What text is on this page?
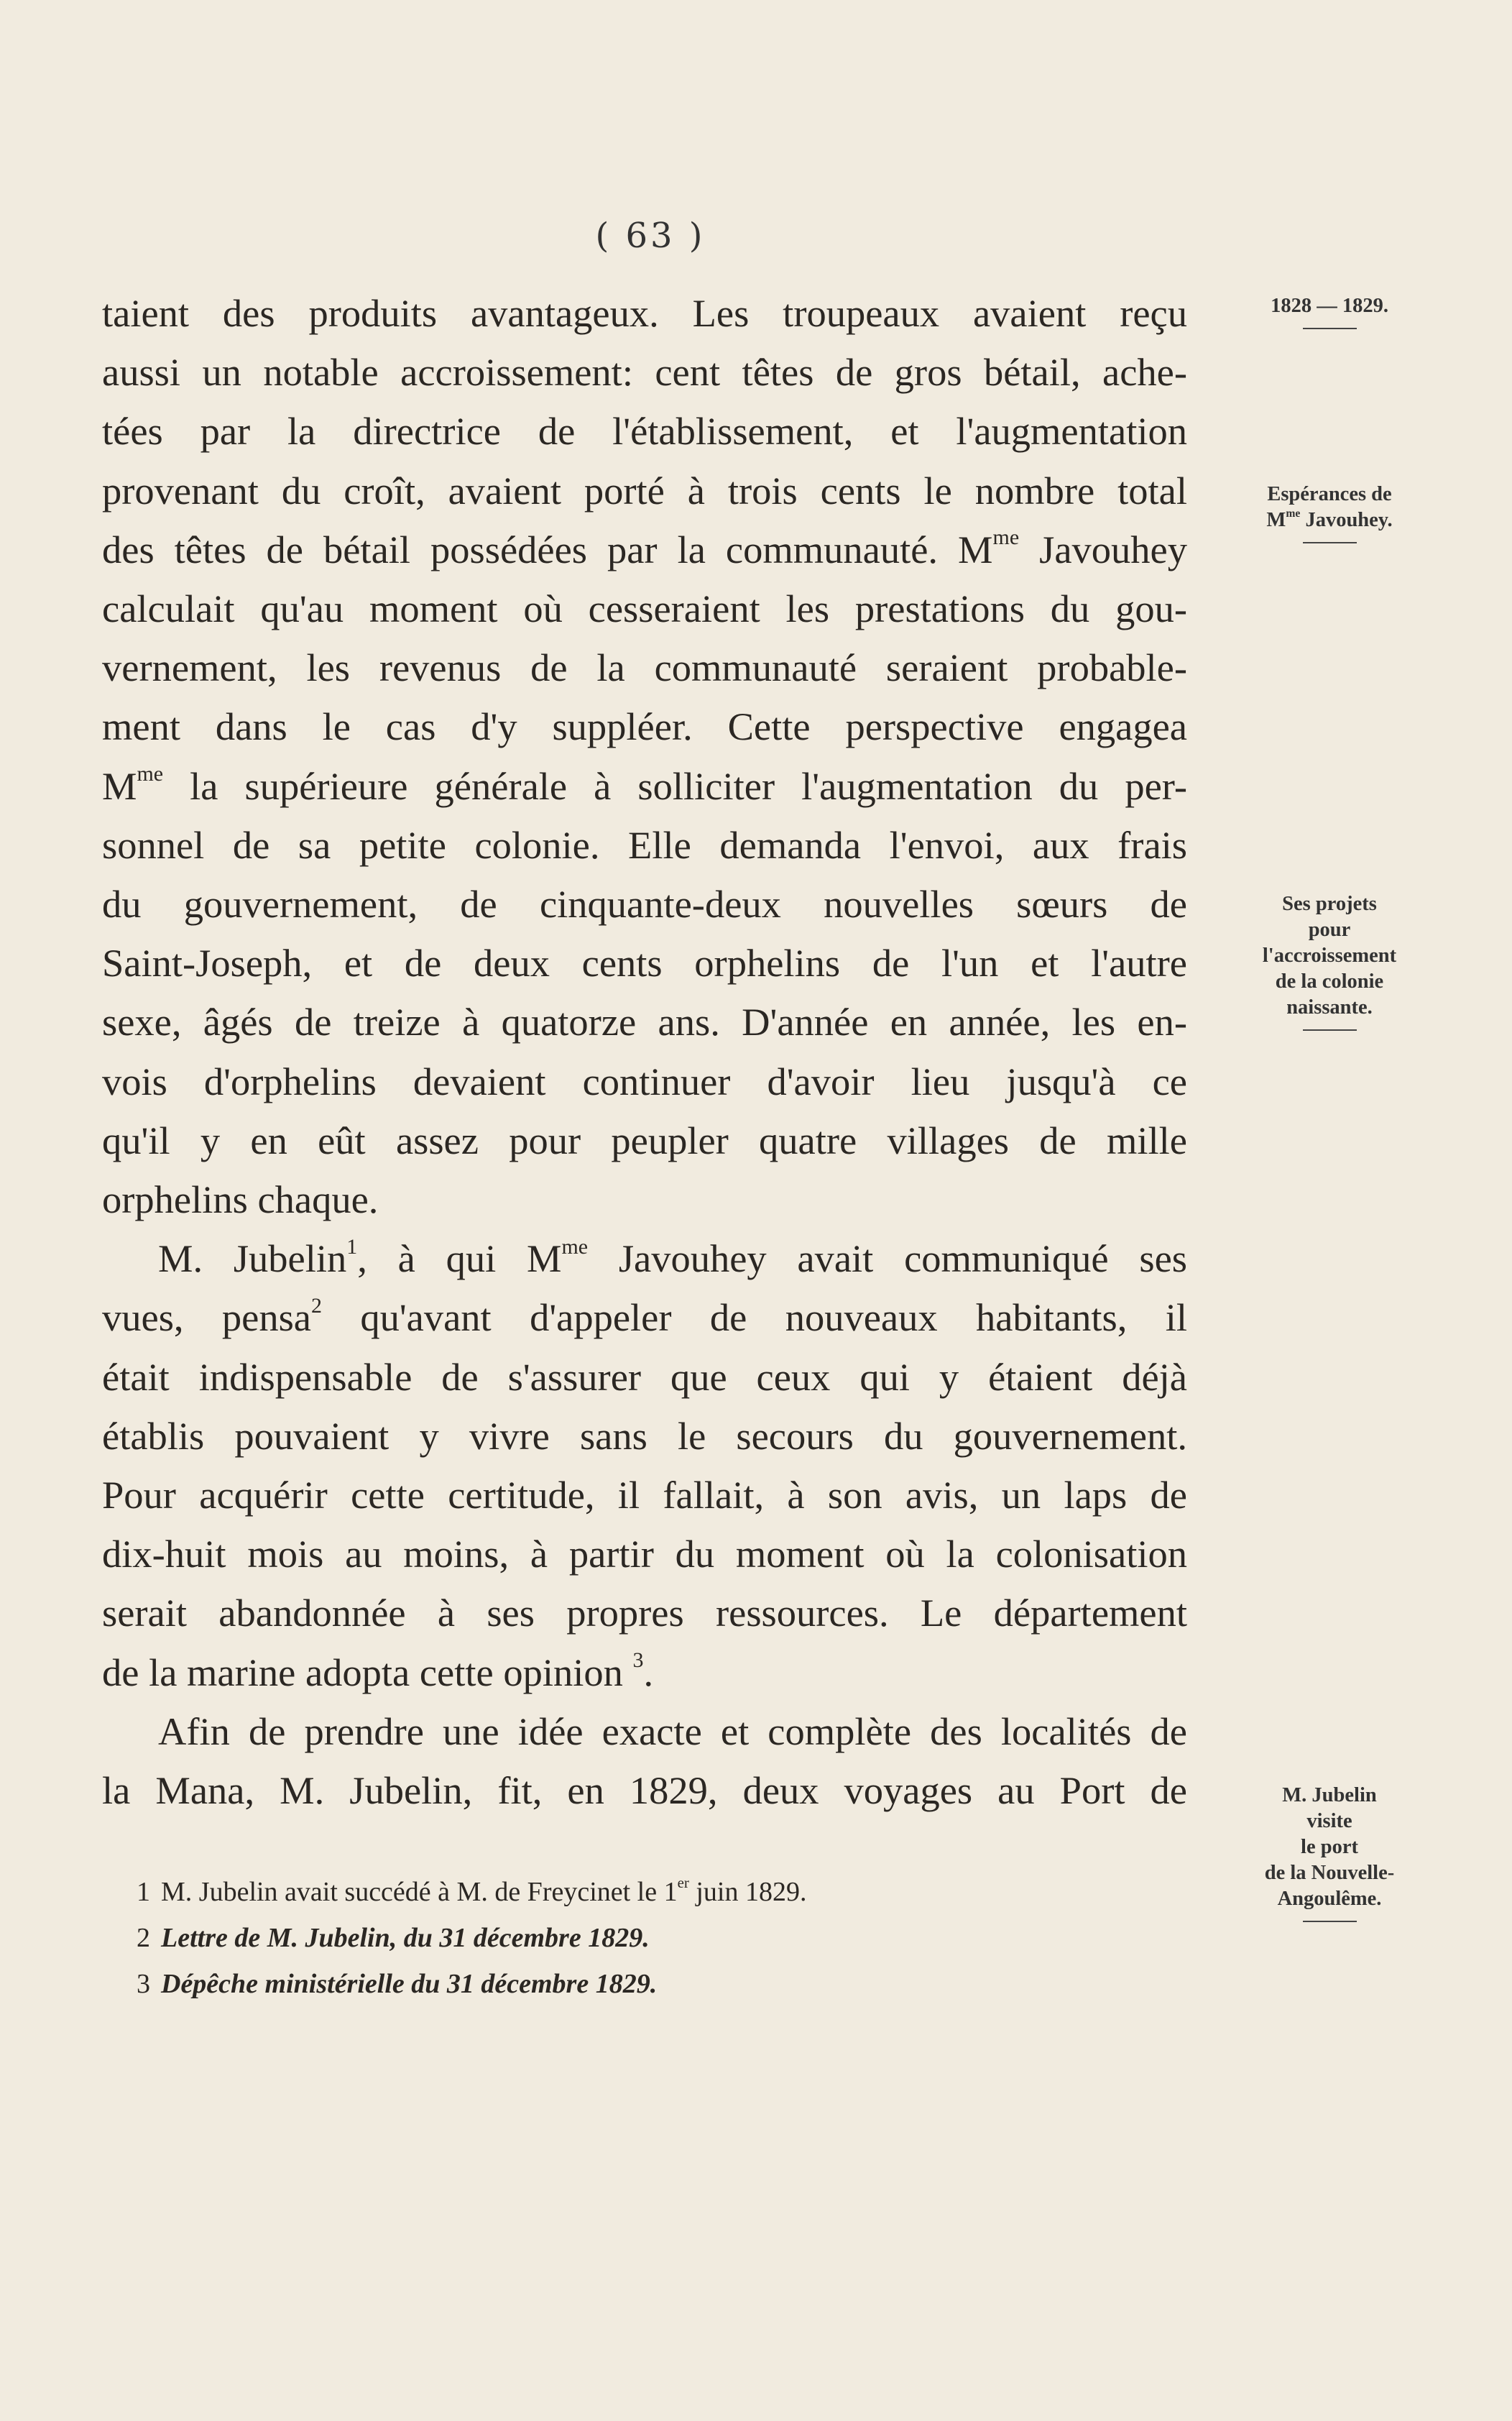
( 63 )
taient des produits avantageux. Les troupeaux avaient reçu
aussi un notable accroissement: cent têtes de gros bétail, ache-
tées par la directrice de l'établissement, et l'augmentation
provenant du croît, avaient porté à trois cents le nombre total
des têtes de bétail possédées par la communauté. $M^{me}$ Javouhey
calculait qu'au moment où cesseraient les prestations du gou-
vernement, les revenus de la communauté seraient probable-
ment dans le cas d'y suppléer. Cette perspective engagea
$M^{me}$ la supérieure générale à solliciter l'augmentation du per-
sonnel de sa petite colonie. Elle demanda l'envoi, aux frais
du gouvernement, de cinquante-deux nouvelles sœurs de
Saint-Joseph, et de deux cents orphelins de l'un et l'autre
sexe, âgés de treize à quatorze ans. D'année en année, les en-
vois d'orphelins devaient continuer d'avoir lieu jusqu'à ce
qu'il y en eût assez pour peupler quatre villages de mille
orphelins chaque.
M. Jubelin$^1$, à qui $M^{me}$ Javouhey avait communiqué ses
vues, pensa$^2$ qu'avant d'appeler de nouveaux habitants, il
était indispensable de s'assurer que ceux qui y étaient déjà
établis pouvaient y vivre sans le secours du gouvernement.
Pour acquérir cette certitude, il fallait, à son avis, un laps de
dix-huit mois au moins, à partir du moment où la colonisation
serait abandonnée à ses propres ressources. Le département
de la marine adopta cette opinion $^3$.
Afin de prendre une idée exacte et complète des localités de
la Mana, M. Jubelin, fit, en 1829, deux voyages au Port de
1 M. Jubelin avait succédé à M. de Freycinet le 1er juin 1829.
2 Lettre de M. Jubelin, du 31 décembre 1829.
3 Dépêche ministérielle du 31 décembre 1829.
1828 — 1829.
Espérances de
$M^{me}$ Javouhey.
Ses projets
pour
l'accroissement
de la colonie
naissante.
M. Jubelin
visite
le port
de la Nouvelle-
Angoulême.
